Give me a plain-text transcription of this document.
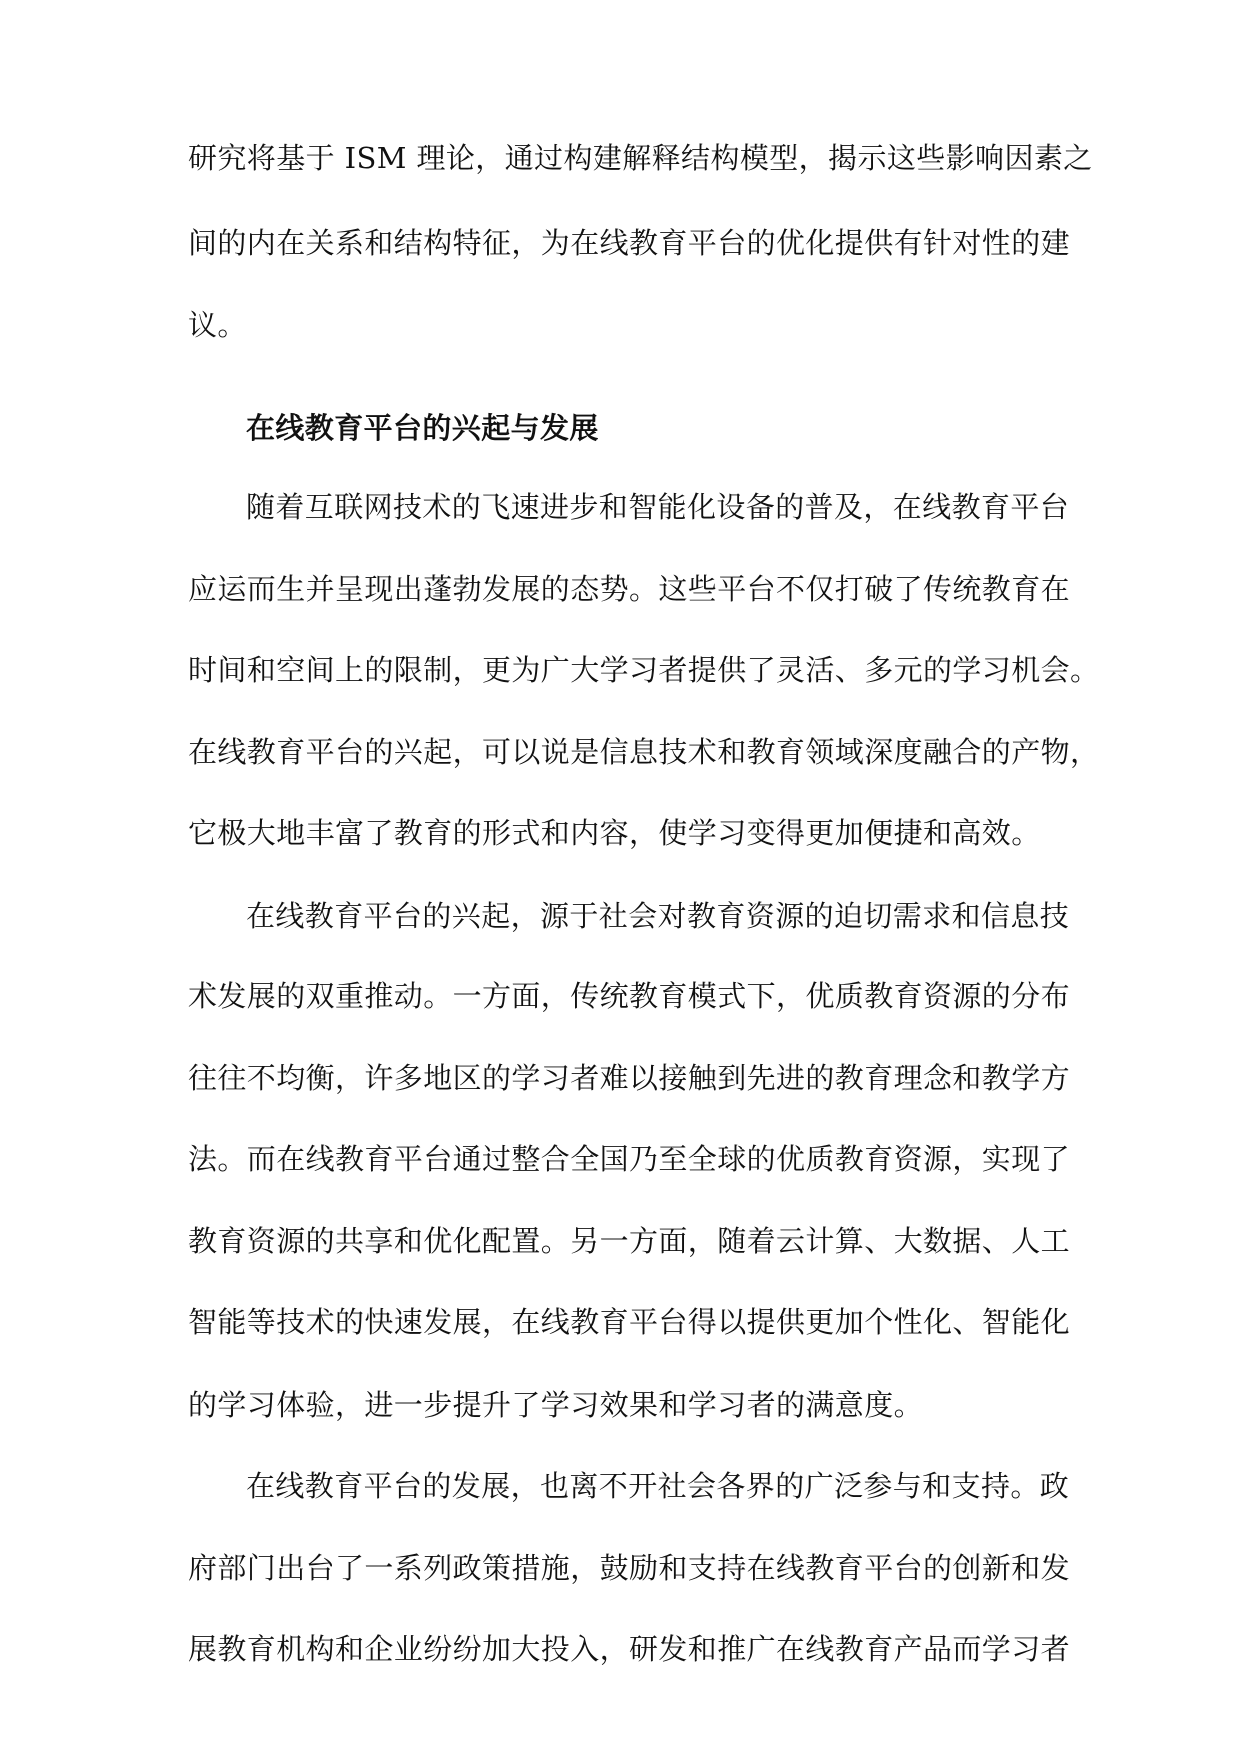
研究将基于 ISM 理论，通过构建解释结构模型，揭示这些影响因素之

间的内在关系和结构特征，为在线教育平台的优化提供有针对性的建

议。

在线教育平台的兴起与发展

随着互联网技术的飞速进步和智能化设备的普及，在线教育平台

应运而生并呈现出蓬勃发展的态势。这些平台不仅打破了传统教育在

时间和空间上的限制，更为广大学习者提供了灵活、多元的学习机会。

在线教育平台的兴起，可以说是信息技术和教育领域深度融合的产物，

它极大地丰富了教育的形式和内容，使学习变得更加便捷和高效。

在线教育平台的兴起，源于社会对教育资源的迫切需求和信息技

术发展的双重推动。一方面，传统教育模式下，优质教育资源的分布

往往不均衡，许多地区的学习者难以接触到先进的教育理念和教学方

法。而在线教育平台通过整合全国乃至全球的优质教育资源，实现了

教育资源的共享和优化配置。另一方面，随着云计算、大数据、人工

智能等技术的快速发展，在线教育平台得以提供更加个性化、智能化

的学习体验，进一步提升了学习效果和学习者的满意度。

在线教育平台的发展，也离不开社会各界的广泛参与和支持。政

府部门出台了一系列政策措施，鼓励和支持在线教育平台的创新和发

展教育机构和企业纷纷加大投入，研发和推广在线教育产品而学习者
